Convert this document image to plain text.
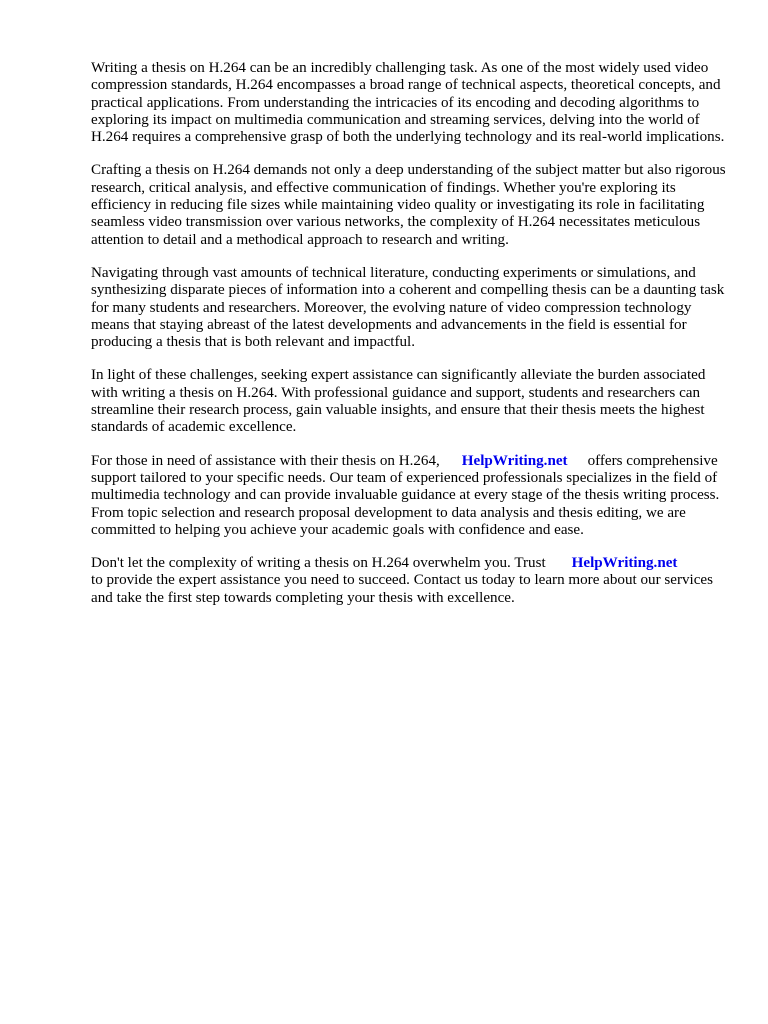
Writing a thesis on H.264 can be an incredibly challenging task. As one of the most widely used video compression standards, H.264 encompasses a broad range of technical aspects, theoretical concepts, and practical applications. From understanding the intricacies of its encoding and decoding algorithms to exploring its impact on multimedia communication and streaming services, delving into the world of H.264 requires a comprehensive grasp of both the underlying technology and its real-world implications.

Crafting a thesis on H.264 demands not only a deep understanding of the subject matter but also rigorous research, critical analysis, and effective communication of findings. Whether you're exploring its efficiency in reducing file sizes while maintaining video quality or investigating its role in facilitating seamless video transmission over various networks, the complexity of H.264 necessitates meticulous attention to detail and a methodical approach to research and writing.

Navigating through vast amounts of technical literature, conducting experiments or simulations, and synthesizing disparate pieces of information into a coherent and compelling thesis can be a daunting task for many students and researchers. Moreover, the evolving nature of video compression technology means that staying abreast of the latest developments and advancements in the field is essential for producing a thesis that is both relevant and impactful.

In light of these challenges, seeking expert assistance can significantly alleviate the burden associated with writing a thesis on H.264. With professional guidance and support, students and researchers can streamline their research process, gain valuable insights, and ensure that their thesis meets the highest standards of academic excellence.

For those in need of assistance with their thesis on H.264, HelpWriting.net offers comprehensive support tailored to your specific needs. Our team of experienced professionals specializes in the field of multimedia technology and can provide invaluable guidance at every stage of the thesis writing process. From topic selection and research proposal development to data analysis and thesis editing, we are committed to helping you achieve your academic goals with confidence and ease.

Don't let the complexity of writing a thesis on H.264 overwhelm you. Trust HelpWriting.net
to provide the expert assistance you need to succeed. Contact us today to learn more about our services and take the first step towards completing your thesis with excellence.
